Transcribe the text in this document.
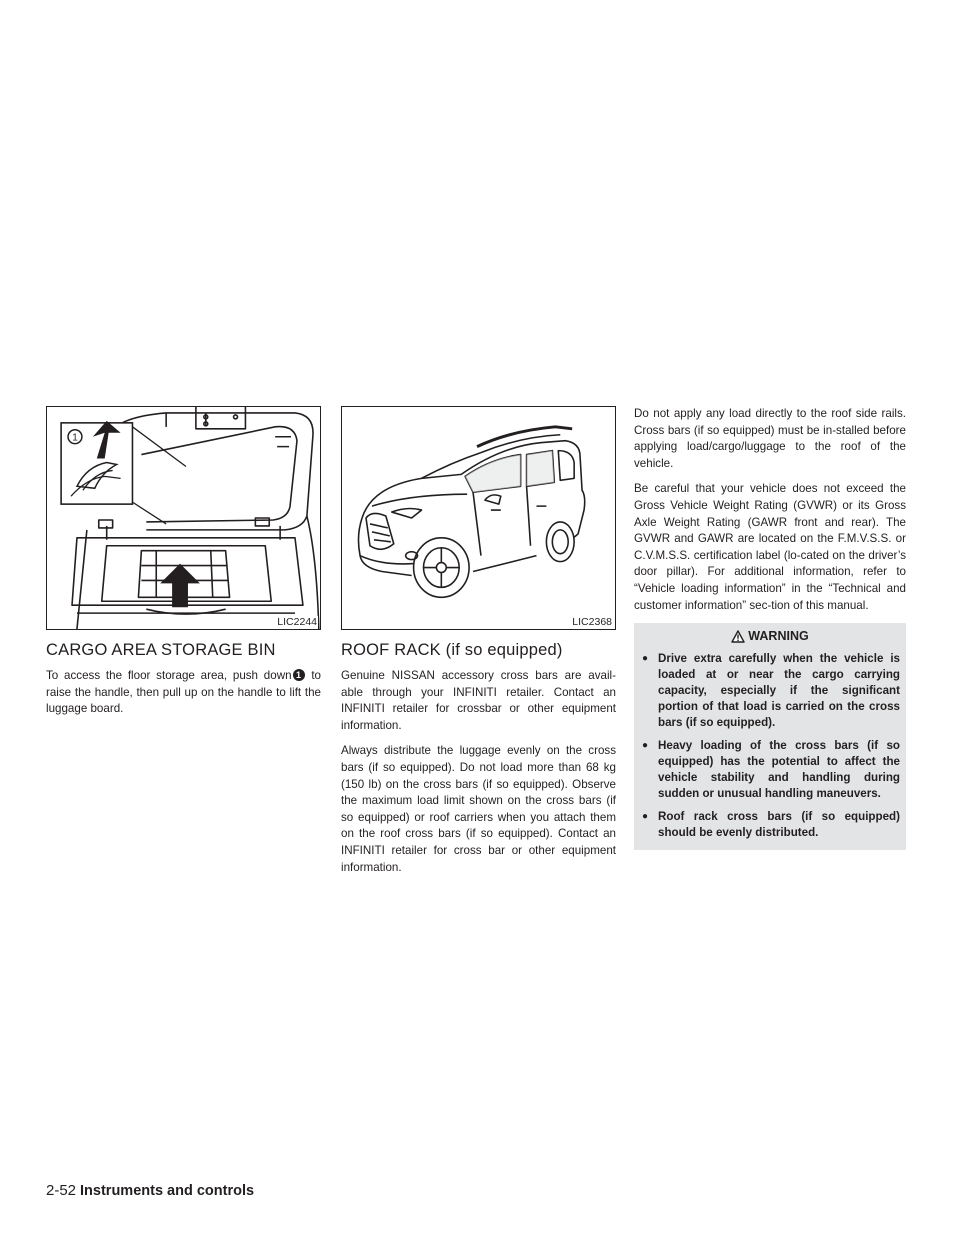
1
LIC2244
CARGO AREA STORAGE BIN

To access the floor storage area, push down 1 to raise the handle, then pull up on the handle to lift the luggage board.

LIC2368
ROOF RACK (if so equipped)

Genuine NISSAN accessory cross bars are avail-able through your INFINITI retailer. Contact an INFINITI retailer for crossbar or other equipment information.

Always distribute the luggage evenly on the cross bars (if so equipped). Do not load more than 68 kg (150 lb) on the cross bars (if so equipped). Observe the maximum load limit shown on the cross bars (if so equipped) or roof carriers when you attach them on the roof cross bars (if so equipped). Contact an INFINITI retailer for cross bar or other equipment information.

Do not apply any load directly to the roof side rails. Cross bars (if so equipped) must be in-stalled before applying load/cargo/luggage to the roof of the vehicle.

Be careful that your vehicle does not exceed the Gross Vehicle Weight Rating (GVWR) or its Gross Axle Weight Rating (GAWR front and rear). The GVWR and GAWR are located on the F.M.V.S.S. or C.V.M.S.S. certification label (lo-cated on the driver’s door pillar). For additional information, refer to “Vehicle loading information” in the “Technical and customer information” sec-tion of this manual.

WARNING
● Drive extra carefully when the vehicle is loaded at or near the cargo carrying capacity, especially if the significant portion of that load is carried on the cross bars (if so equipped).
● Heavy loading of the cross bars (if so equipped) has the potential to affect the vehicle stability and handling during sudden or unusual handling maneuvers.
● Roof rack cross bars (if so equipped) should be evenly distributed.
2-52 Instruments and controls
